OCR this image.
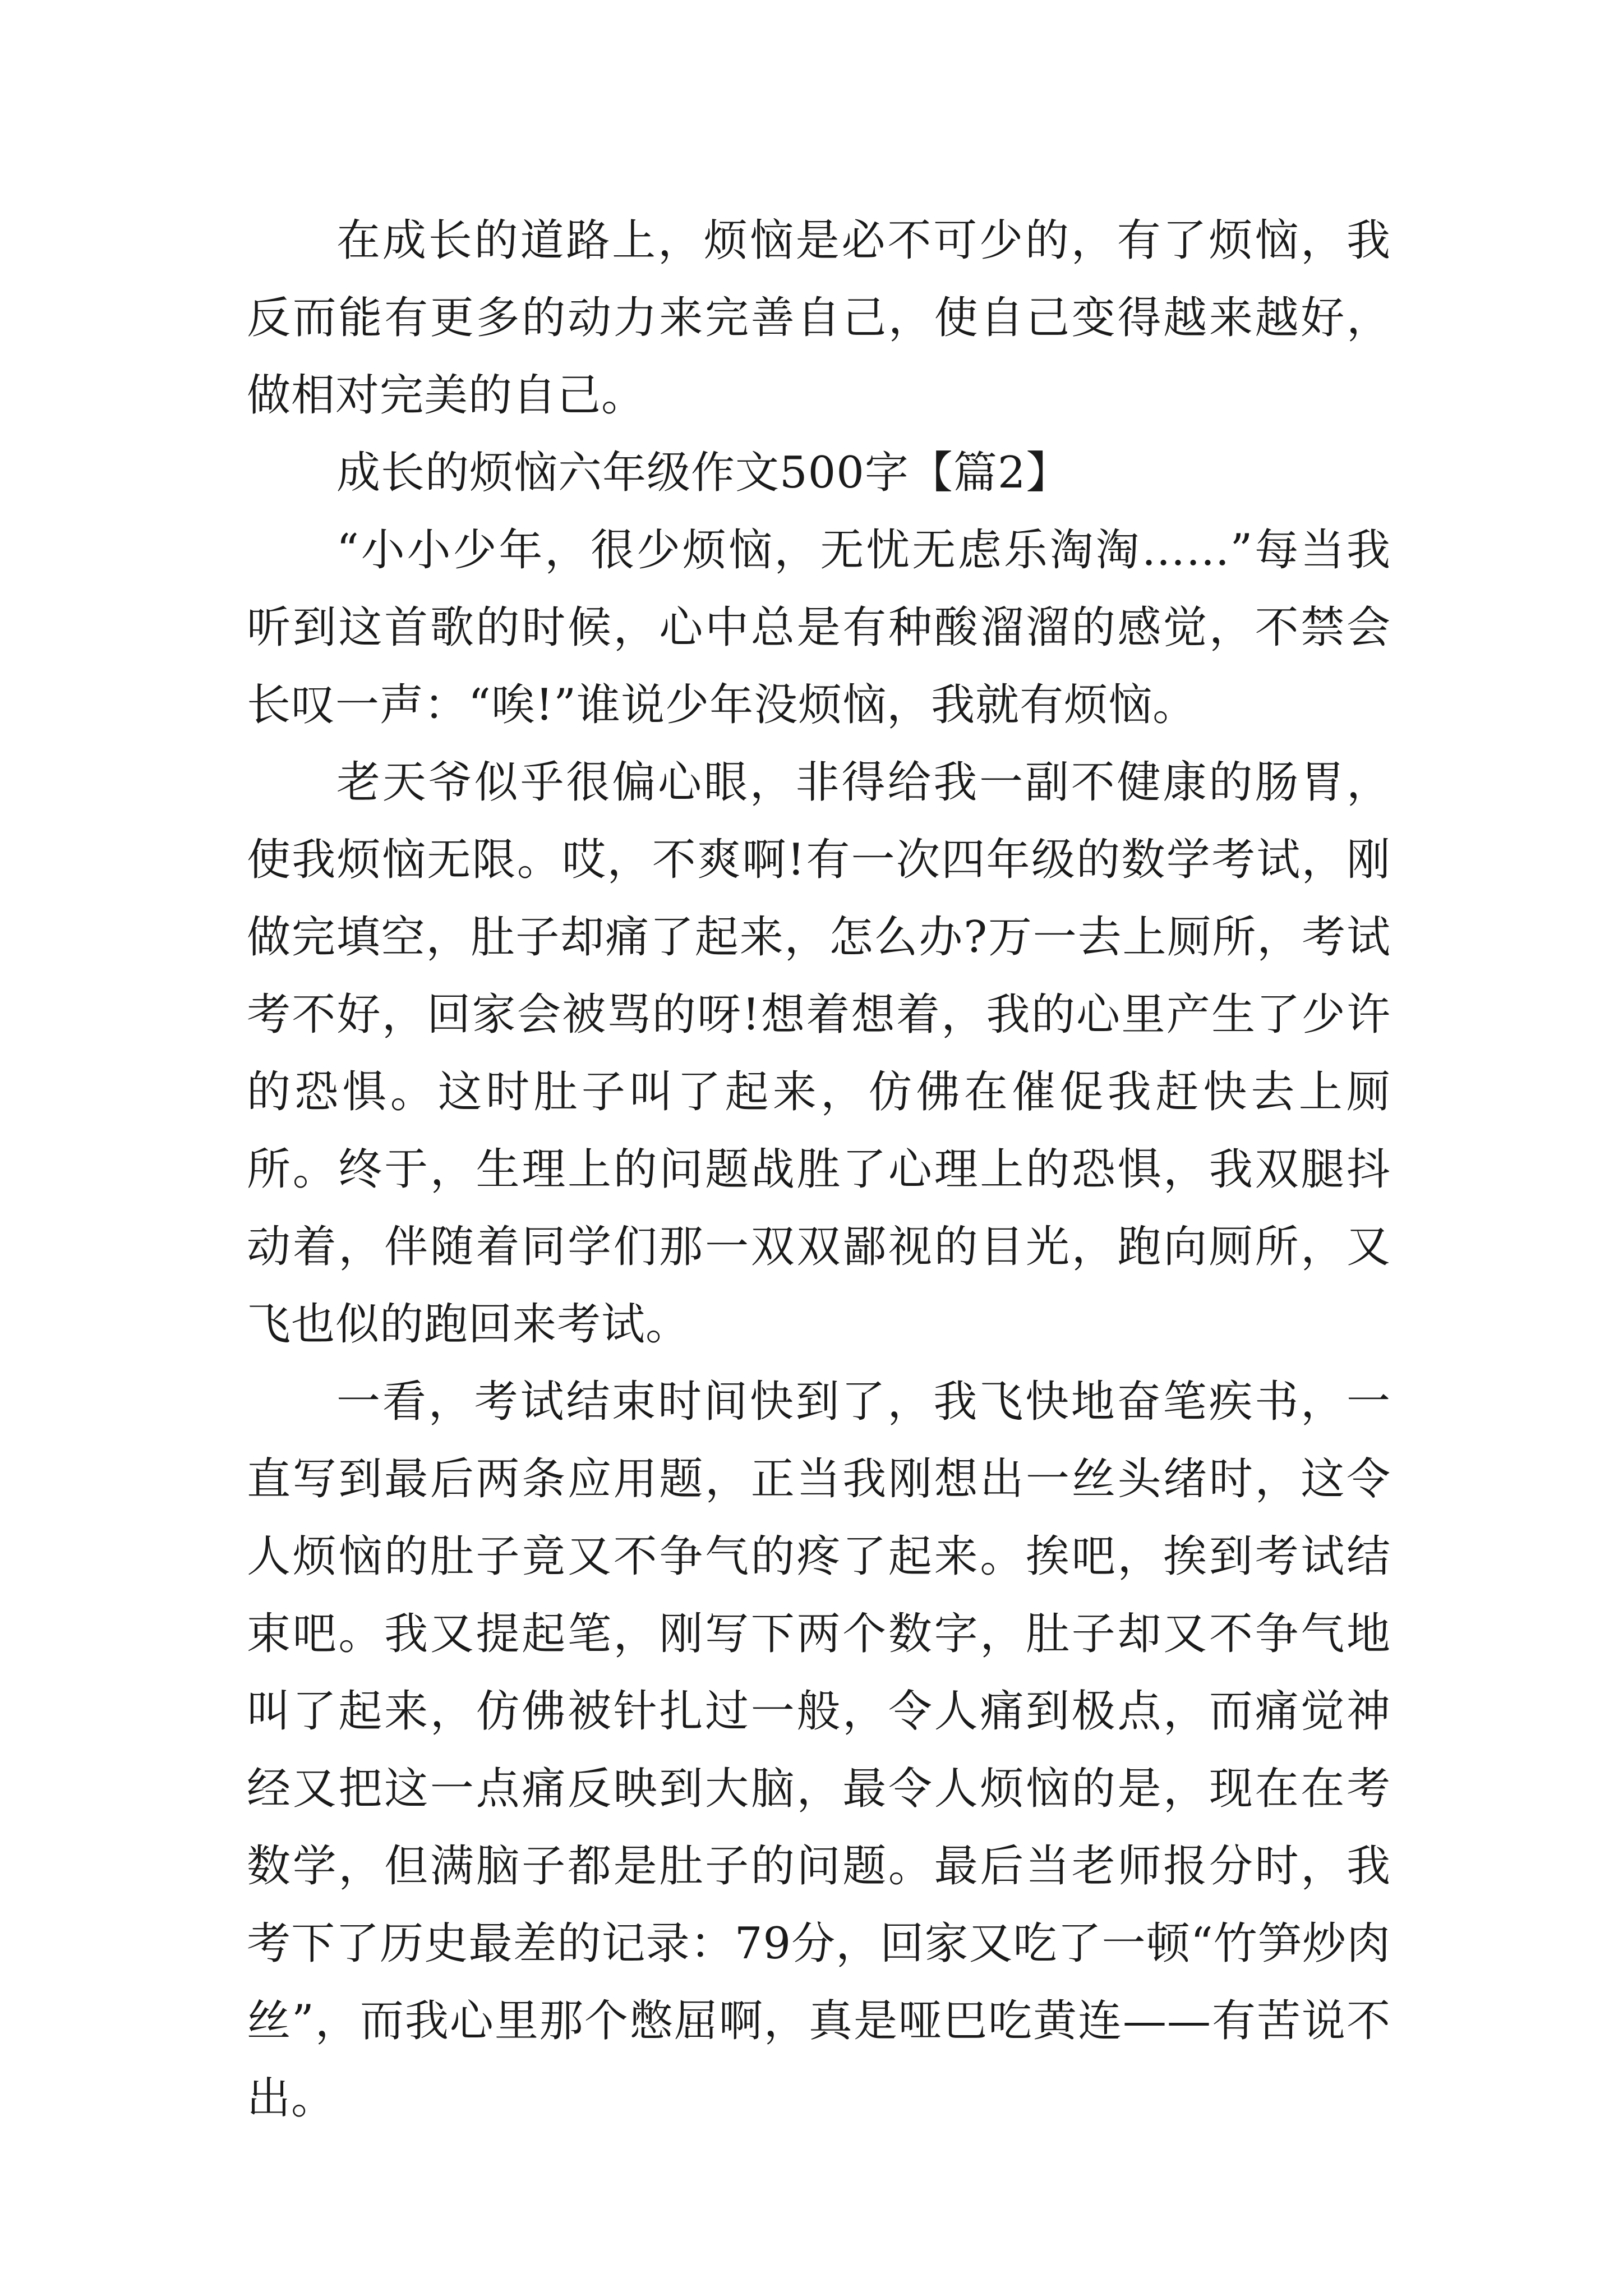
在成长的道路上，烦恼是必不可少的，有了烦恼，我反而能有更多的动力来完善自己，使自己变得越来越好，做相对完美的自己。

成长的烦恼六年级作文500字【篇2】

“小小少年，很少烦恼，无忧无虑乐淘淘……”每当我听到这首歌的时候，心中总是有种酸溜溜的感觉，不禁会长叹一声：“唉!”谁说少年没烦恼，我就有烦恼。

老天爷似乎很偏心眼，非得给我一副不健康的肠胃，使我烦恼无限。哎，不爽啊!有一次四年级的数学考试，刚做完填空，肚子却痛了起来，怎么办?万一去上厕所，考试考不好，回家会被骂的呀!想着想着，我的心里产生了少许的恐惧。这时肚子叫了起来，仿佛在催促我赶快去上厕所。终于，生理上的问题战胜了心理上的恐惧，我双腿抖动着，伴随着同学们那一双双鄙视的目光，跑向厕所，又飞也似的跑回来考试。

一看，考试结束时间快到了，我飞快地奋笔疾书，一直写到最后两条应用题，正当我刚想出一丝头绪时，这令人烦恼的肚子竟又不争气的疼了起来。挨吧，挨到考试结束吧。我又提起笔，刚写下两个数字，肚子却又不争气地叫了起来，仿佛被针扎过一般，令人痛到极点，而痛觉神经又把这一点痛反映到大脑，最令人烦恼的是，现在在考数学，但满脑子都是肚子的问题。最后当老师报分时，我考下了历史最差的记录：79分，回家又吃了一顿“竹笋炒肉丝”，而我心里那个憋屈啊，真是哑巴吃黄连——有苦说不出。
